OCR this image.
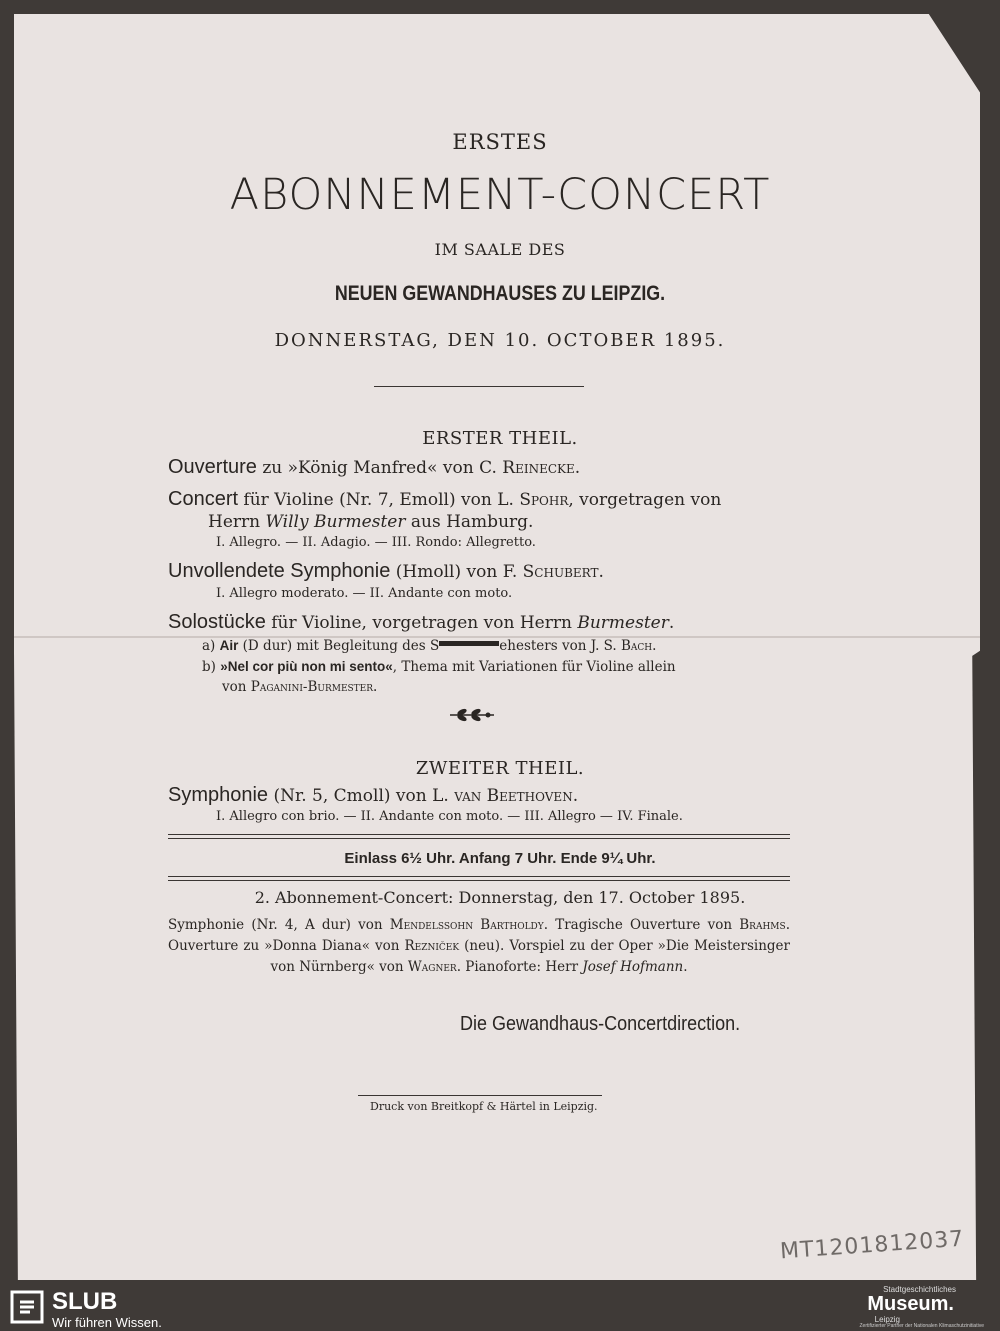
ERSTES
ABONNEMENT-CONCERT
IM SAALE DES
NEUEN GEWANDHAUSES ZU LEIPZIG.
DONNERSTAG, DEN 10. OCTOBER 1895.
ERSTER THEIL.
Ouverture zu »König Manfred« von C. Reinecke.
Concert für Violine (Nr. 7, Emoll) von L. Spohr, vorgetragen von
Herrn Willy Burmester aus Hamburg.
I. Allegro. — II. Adagio. — III. Rondo: Allegretto.
Unvollendete Symphonie (Hmoll) von F. Schubert.
I. Allegro moderato. — II. Andante con moto.
Solostücke für Violine, vorgetragen von Herrn Burmester.
a) Air (D dur) mit Begleitung des S	ehesters von J. S. Bach.
b) »Nel cor più non mi sento«, Thema mit Variationen für Violine allein
von Paganini-Burmester.
ZWEITER THEIL.
Symphonie (Nr. 5, Cmoll) von L. van Beethoven.
I. Allegro con brio. — II. Andante con moto. — III. Allegro — IV. Finale.
Einlass 6½ Uhr. Anfang 7 Uhr. Ende 9¼ Uhr.
2. Abonnement-Concert: Donnerstag, den 17. October 1895.
Symphonie (Nr. 4, A dur) von Mendelssohn Bartholdy. Tragische Ouverture von Brahms. Ouverture zu »Donna Diana« von Rezniček (neu). Vorspiel zu der Oper »Die Meistersinger von Nürnberg« von Wagner. Pianoforte: Herr Josef Hofmann.
Die Gewandhaus-Concertdirection.
Druck von Breitkopf & Härtel in Leipzig.
MT1201812037
SLUB
Wir führen Wissen.
Stadtgeschichtliches
Museum.
Leipzig
Zertifizierter Partner der Nationalen Klimaschutzinitiative
